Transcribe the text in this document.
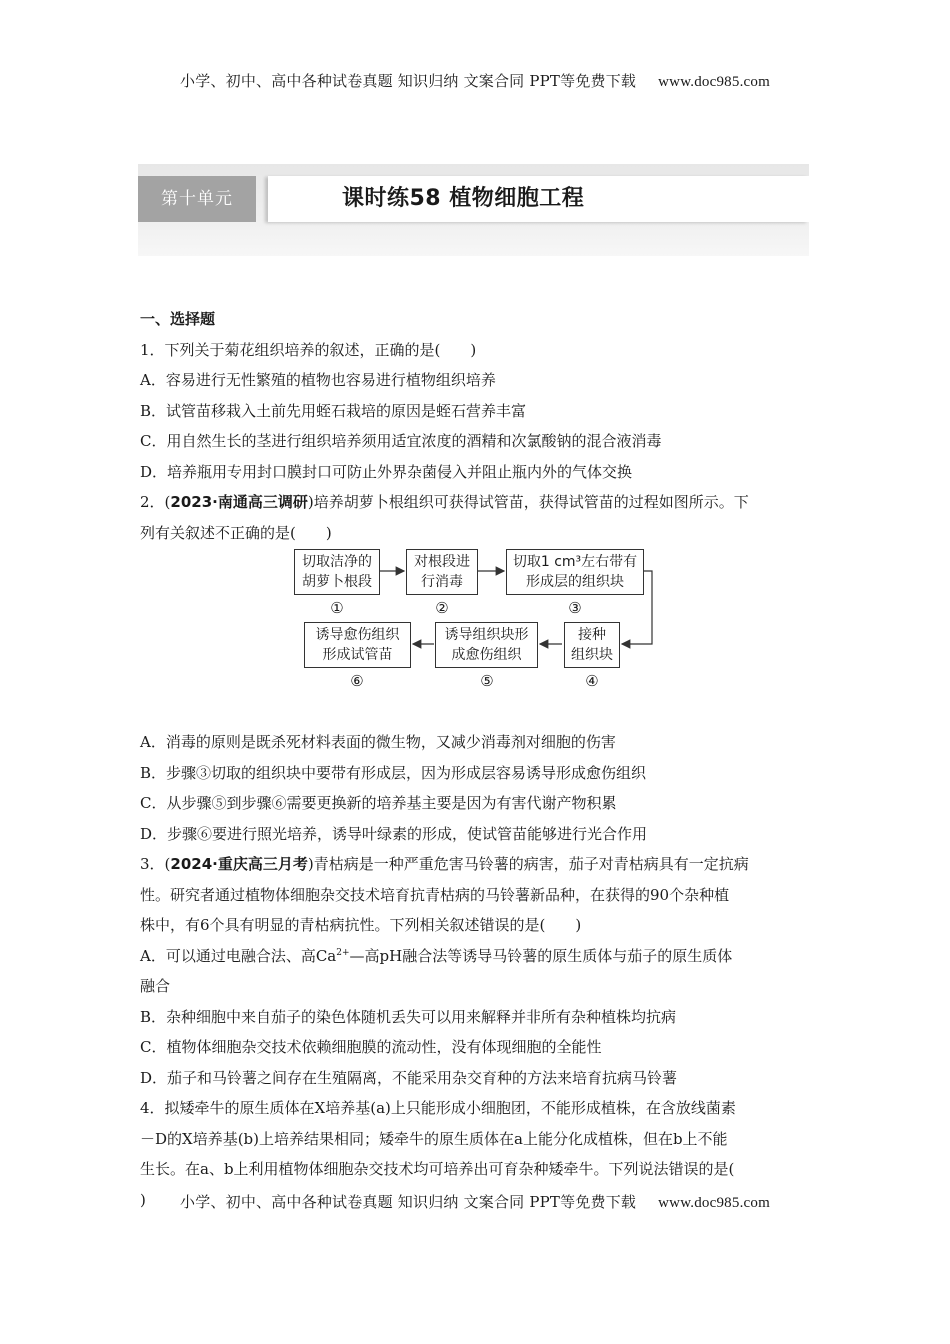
小学、初中、高中各种试卷真题 知识归纳 文案合同 PPT等免费下载 www.doc985.com
第十单元	课时练58 植物细胞工程
一、选择题
1．下列关于菊花组织培养的叙述，正确的是(　　)
A．容易进行无性繁殖的植物也容易进行植物组织培养
B．试管苗移栽入土前先用蛭石栽培的原因是蛭石营养丰富
C．用自然生长的茎进行组织培养须用适宜浓度的酒精和次氯酸钠的混合液消毒
D．培养瓶用专用封口膜封口可防止外界杂菌侵入并阻止瓶内外的气体交换
2．(2023·南通高三调研)培养胡萝卜根组织可获得试管苗，获得试管苗的过程如图所示。下
列有关叙述不正确的是(　　)
A．消毒的原则是既杀死材料表面的微生物，又减少消毒剂对细胞的伤害
B．步骤③切取的组织块中要带有形成层，因为形成层容易诱导形成愈伤组织
C．从步骤⑤到步骤⑥需要更换新的培养基主要是因为有害代谢产物积累
D．步骤⑥要进行照光培养，诱导叶绿素的形成，使试管苗能够进行光合作用
3．(2024·重庆高三月考)青枯病是一种严重危害马铃薯的病害，茄子对青枯病具有一定抗病
性。研究者通过植物体细胞杂交技术培育抗青枯病的马铃薯新品种，在获得的90个杂种植
株中，有6个具有明显的青枯病抗性。下列相关叙述错误的是(　　)
A．可以通过电融合法、高$Ca^{2+}—$高pH融合法等诱导马铃薯的原生质体与茄子的原生质体
融合
B．杂种细胞中来自茄子的染色体随机丢失可以用来解释并非所有杂种植株均抗病
C．植物体细胞杂交技术依赖细胞膜的流动性，没有体现细胞的全能性
D．茄子和马铃薯之间存在生殖隔离，不能采用杂交育种的方法来培育抗病马铃薯
4．拟矮牵牛的原生质体在X培养基(a)上只能形成小细胞团，不能形成植株，在含放线菌素
－D的X培养基(b)上培养结果相同；矮牵牛的原生质体在a上能分化成植株，但在b上不能
生长。在a、b上利用植物体细胞杂交技术均可培养出可育杂种矮牵牛。下列说法错误的是(
)
切取洁净的
胡萝卜根段
①
对根段进
行消毒
②
切取1 cm³左右带有
形成层的组织块
③
接种
组织块
④
诱导组织块形
成愈伤组织
⑤
诱导愈伤组织
形成试管苗
⑥
小学、初中、高中各种试卷真题 知识归纳 文案合同 PPT等免费下载 www.doc985.com
